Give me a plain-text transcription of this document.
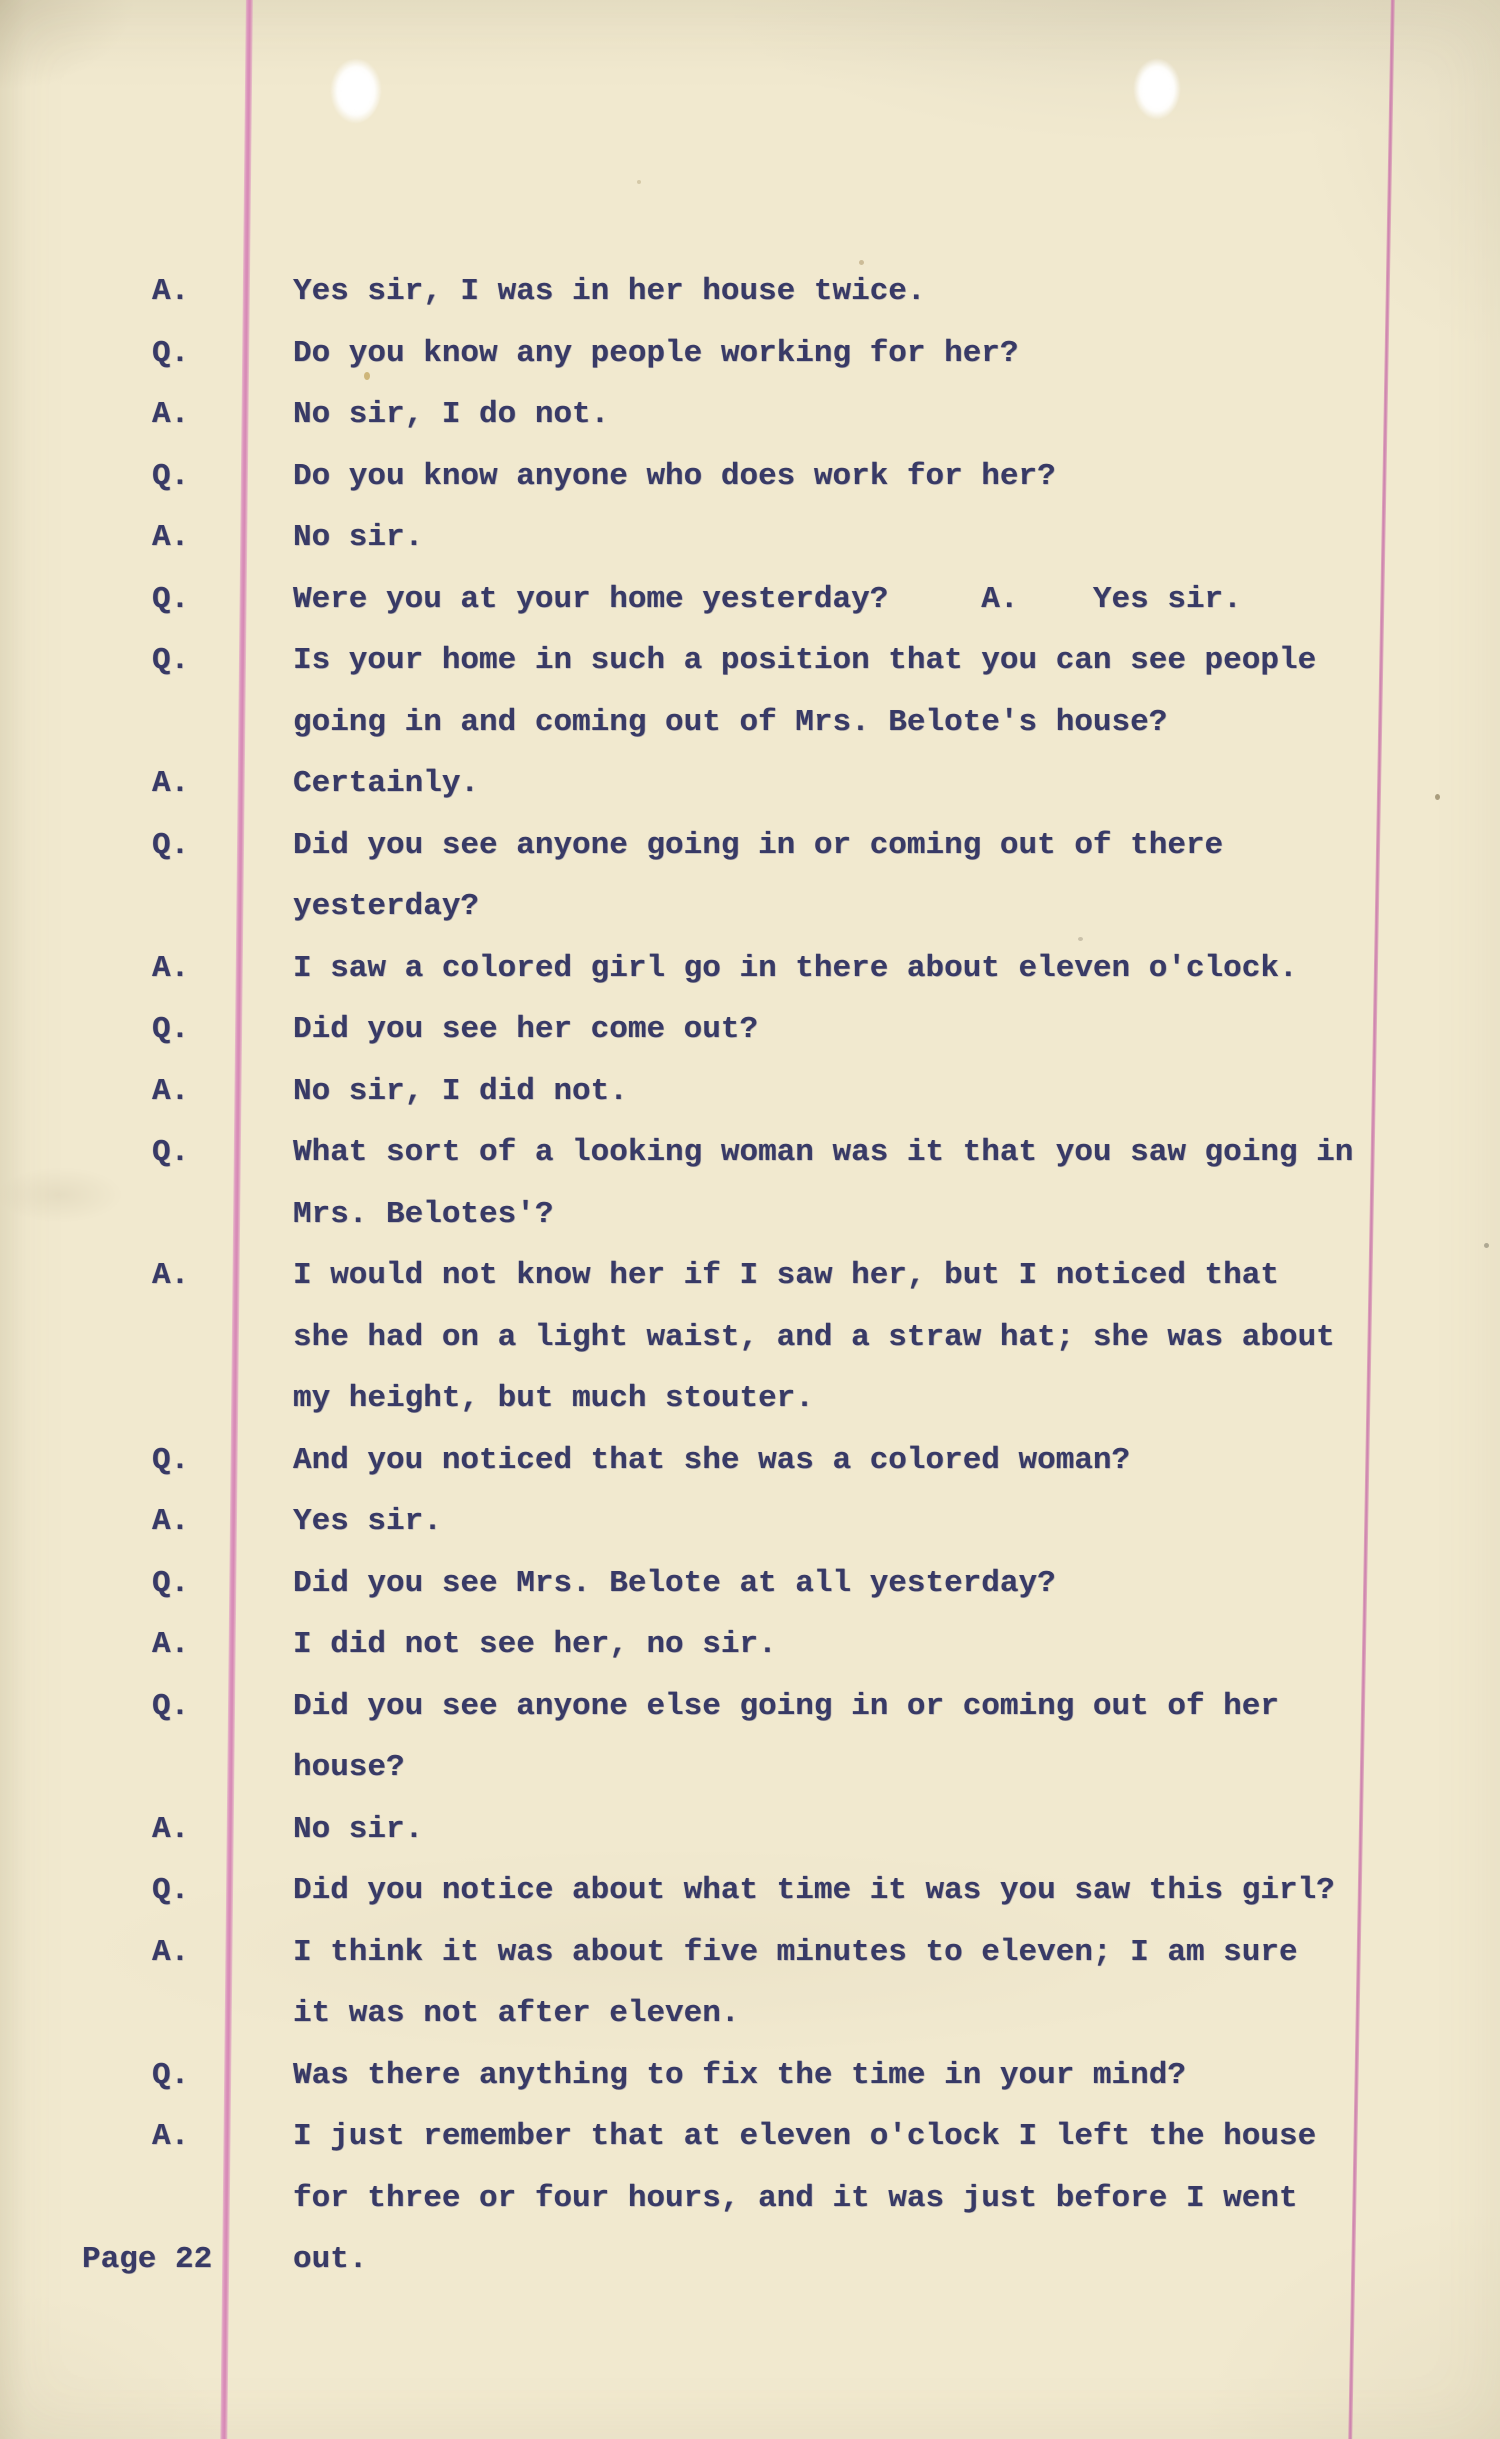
A.	Yes sir, I was in her house twice.
Q.	Do you know any people working for her?
A.	No sir, I do not.
Q.	Do you know anyone who does work for her?
A.	No sir.
Q.	Were you at your home yesterday?     A.    Yes sir.
Q.	Is your home in such a position that you can see people
going in and coming out of Mrs. Belote's house?
A.	Certainly.
Q.	Did you see anyone going in or coming out of there
yesterday?
A.	I saw a colored girl go in there about eleven o'clock.
Q.	Did you see her come out?
A.	No sir, I did not.
Q.	What sort of a looking woman was it that you saw going in
Mrs. Belotes'?
A.	I would not know her if I saw her, but I noticed that
she had on a light waist, and a straw hat; she was about
my height, but much stouter.
Q.	And you noticed that she was a colored woman?
A.	Yes sir.
Q.	Did you see Mrs. Belote at all yesterday?
A.	I did not see her, no sir.
Q.	Did you see anyone else going in or coming out of her
house?
A.	No sir.
Q.	Did you notice about what time it was you saw this girl?
A.	I think it was about five minutes to eleven; I am sure
it was not after eleven.
Q.	Was there anything to fix the time in your mind?
A.	I just remember that at eleven o'clock I left the house
for three or four hours, and it was just before I went
Page 22	out.
